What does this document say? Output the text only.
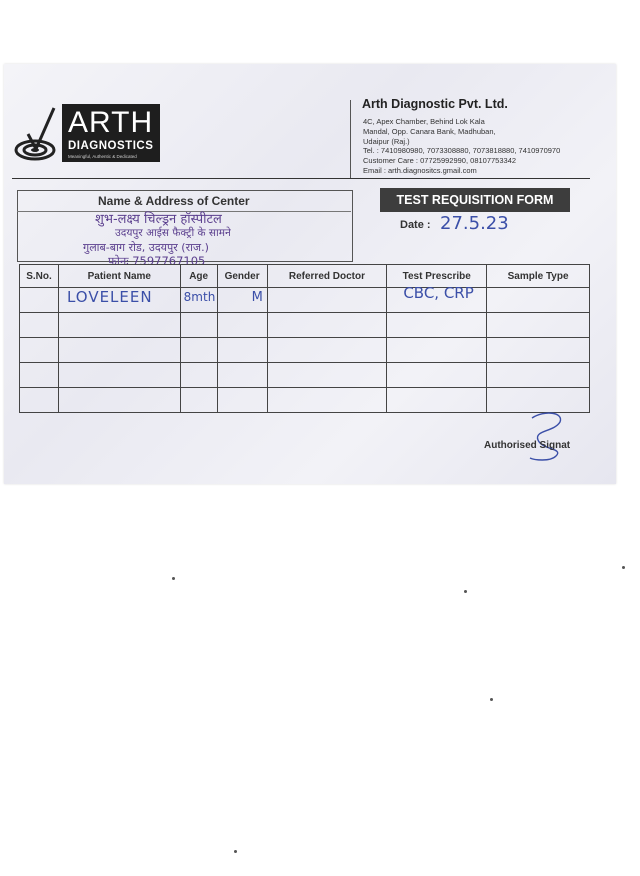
ARTH
DIAGNOSTICS
Meaningful, Authentic & Dedicated
Arth Diagnostic Pvt. Ltd.
4C, Apex Chamber, Behind Lok Kala
Mandal, Opp. Canara Bank, Madhuban,
Udaipur (Raj.)
Tel. : 7410980980, 7073308880, 7073818880, 7410970970
Customer Care : 07725992990, 08107753342
Email : arth.diagnositcs.gmail.com
Name & Address of Center
शुभ-लक्ष्य चिल्ड्रन हॉस्पीटल
उदयपुर आईस फैक्ट्री के सामने
गुलाब-बाग रोड, उदयपुर (राज.)
फोनः 7597767105
TEST REQUISITION FORM
Date : 27.5.23
S.No.	Patient Name	Age	Gender	Referred Doctor	Test Prescribe	Sample Type

	LOVELEEN	8mth	M		CBC, CRP	

Authorised Signat
